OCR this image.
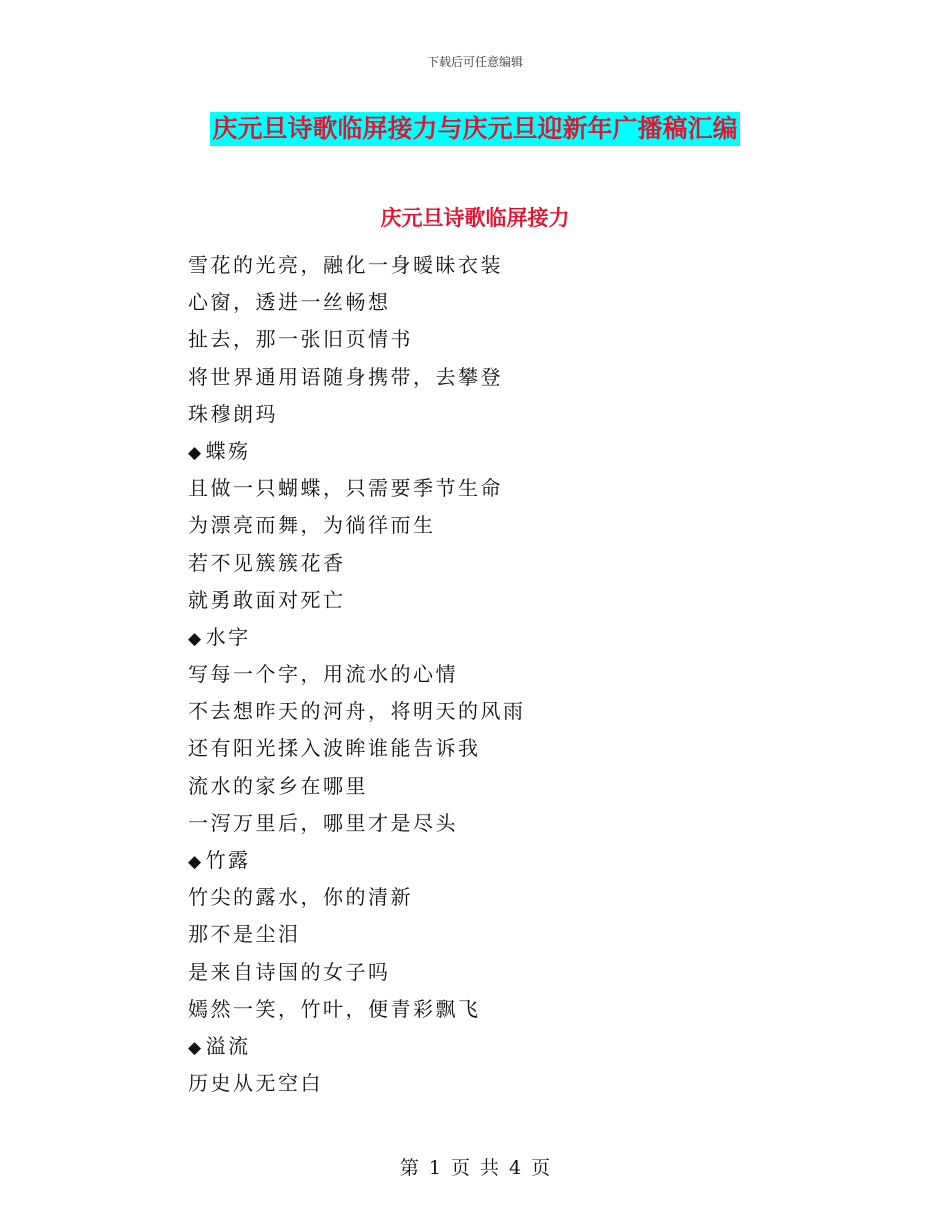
下载后可任意编辑
庆元旦诗歌临屏接力与庆元旦迎新年广播稿汇编
庆元旦诗歌临屏接力
雪花的光亮，融化一身暧昧衣装
心窗，透进一丝畅想
扯去，那一张旧页情书
将世界通用语随身携带，去攀登
珠穆朗玛
◆ 蝶殇
且做一只蝴蝶，只需要季节生命
为漂亮而舞，为徜徉而生
若不见簇簇花香
就勇敢面对死亡
◆ 水字
写每一个字，用流水的心情
不去想昨天的河舟，将明天的风雨
还有阳光揉入波眸谁能告诉我
流水的家乡在哪里
一泻万里后，哪里才是尽头
◆ 竹露
竹尖的露水，你的清新
那不是尘泪
是来自诗国的女子吗
嫣然一笑，竹叶，便青彩飘飞
◆ 溢流
历史从无空白
第 1 页 共 4 页
